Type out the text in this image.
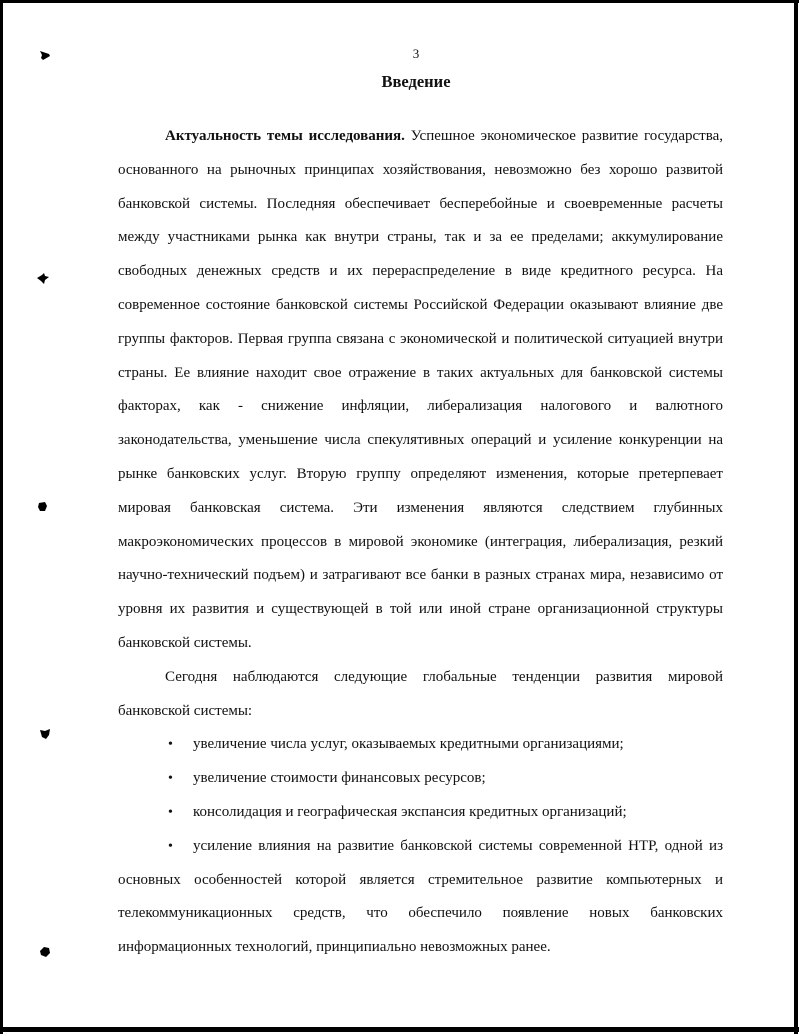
3
Введение

Актуальность темы исследования. Успешное экономическое развитие государства, основанного на рыночных принципах хозяйствования, невозможно без хорошо развитой банковской системы. Последняя обеспечивает бесперебойные и своевременные расчеты между участниками рынка как внутри страны, так и за ее пределами; аккумулирование свободных денежных средств и их перераспределение в виде кредитного ресурса. На современное состояние банковской системы Российской Федерации оказывают влияние две группы факторов. Первая группа связана с экономической и политической ситуацией внутри страны. Ее влияние находит свое отражение в таких актуальных для банковской системы факторах, как - снижение инфляции, либерализация налогового и валютного законодательства, уменьшение числа спекулятивных операций и усиление конкуренции на рынке банковских услуг. Вторую группу определяют изменения, которые претерпевает мировая банковская система. Эти изменения являются следствием глубинных макроэкономических процессов в мировой экономике (интеграция, либерализация, резкий научно-технический подъем) и затрагивают все банки в разных странах мира, независимо от уровня их развития и существующей в той или иной стране организационной структуры банковской системы.

Сегодня наблюдаются следующие глобальные тенденции развития мировой банковской системы:

• увеличение числа услуг, оказываемых кредитными организациями;
• увеличение стоимости финансовых ресурсов;
• консолидация и географическая экспансия кредитных организаций;
• усиление влияния на развитие банковской системы современной НТР, одной из основных особенностей которой является стремительное развитие компьютерных и телекоммуникационных средств, что обеспечило появление новых банковских информационных технологий, принципиально невозможных ранее.
